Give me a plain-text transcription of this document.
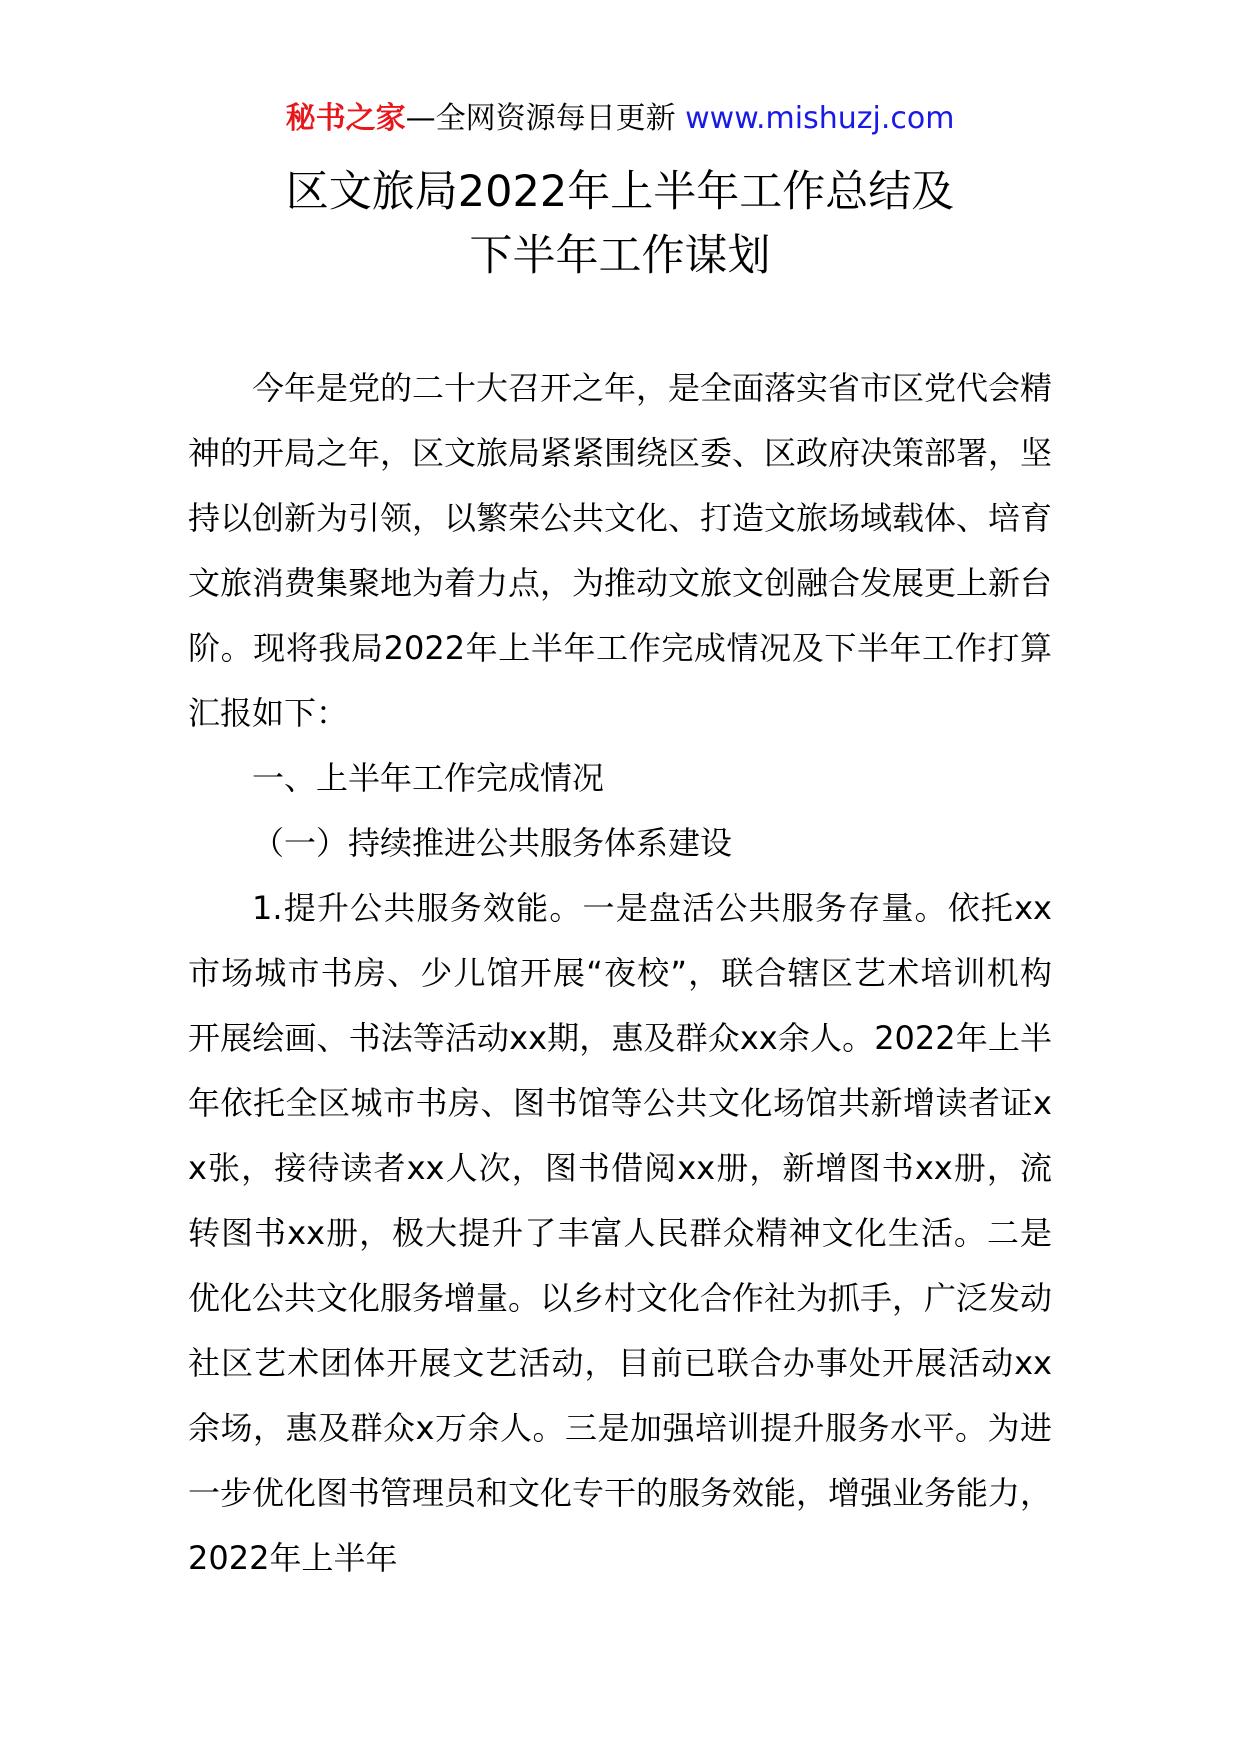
秘书之家—全网资源每日更新 www.mishuzj.com
区文旅局2022年上半年工作总结及
下半年工作谋划

今年是党的二十大召开之年，是全面落实省市区党代会精神的开局之年，区文旅局紧紧围绕区委、区政府决策部署，坚持以创新为引领，以繁荣公共文化、打造文旅场域载体、培育文旅消费集聚地为着力点，为推动文旅文创融合发展更上新台阶。现将我局2022年上半年工作完成情况及下半年工作打算汇报如下：

一、上半年工作完成情况

（一）持续推进公共服务体系建设

1.提升公共服务效能。一是盘活公共服务存量。依托xx市场城市书房、少儿馆开展“夜校”，联合辖区艺术培训机构开展绘画、书法等活动xx期，惠及群众xx余人。2022年上半年依托全区城市书房、图书馆等公共文化场馆共新增读者证xx张，接待读者xx人次，图书借阅xx册，新增图书xx册，流转图书xx册，极大提升了丰富人民群众精神文化生活。二是优化公共文化服务增量。以乡村文化合作社为抓手，广泛发动社区艺术团体开展文艺活动，目前已联合办事处开展活动xx余场，惠及群众x万余人。三是加强培训提升服务水平。为进一步优化图书管理员和文化专干的服务效能，增强业务能力，2022年上半年
